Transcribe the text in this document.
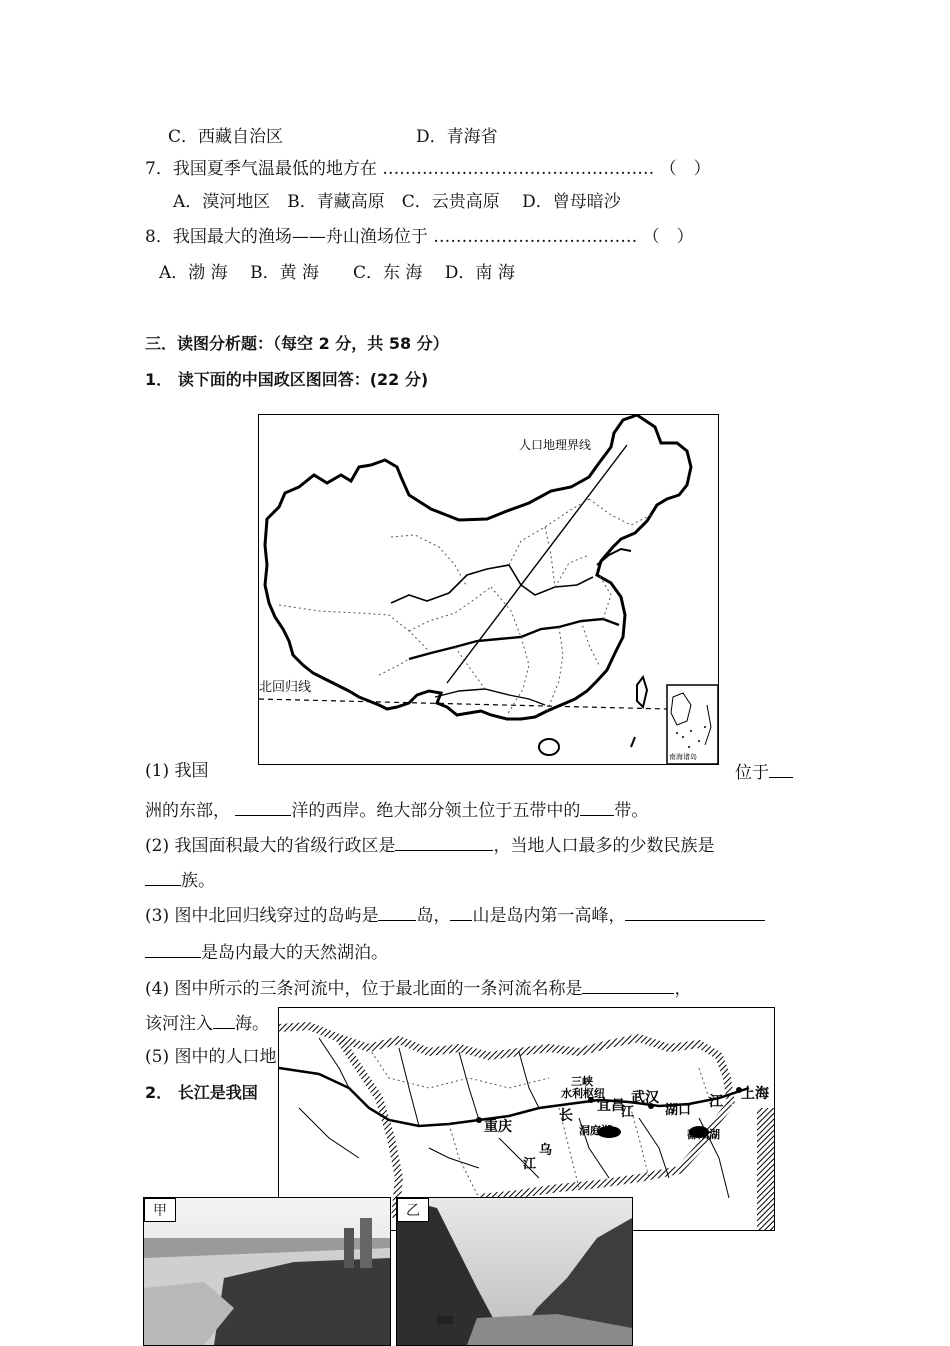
C．西藏自治区	D．青海省
7．我国夏季气温最低的地方在 ………………………………………… （　）
A．漠河地区　B．青藏高原　C．云贵高原　 D．曾母暗沙
8．我国最大的渔场——舟山渔场位于 ……………………………… （　）
A．渤 海　 B．黄 海　　C．东 海　 D．南 海
三．读图分析题：（每空 2 分，共 58 分）
1． 读下面的中国政区图回答：(22 分)
人口地理界线
北回归线
南海诸岛
(1) 我国	位于
洲的东部，	洋的西岸。绝大部分领土位于五带中的 带。
(2) 我国面积最大的省级行政区是	，当地人口最多的少数民族是
族。
(3) 图中北回归线穿过的岛屿是 岛， 山是岛内第一高峰，
是岛内最大的天然湖泊。
(4) 图中所示的三条河流中，位于最北面的一条河流名称是	，
该河注入 海。
(5) 图中的人口地
2． 长江是我国
重庆
三峡
水利枢纽
宜昌 武汉
长
江
乌
江
洞庭湖
湖口
鄱阳湖
江
上海
甲	乙
